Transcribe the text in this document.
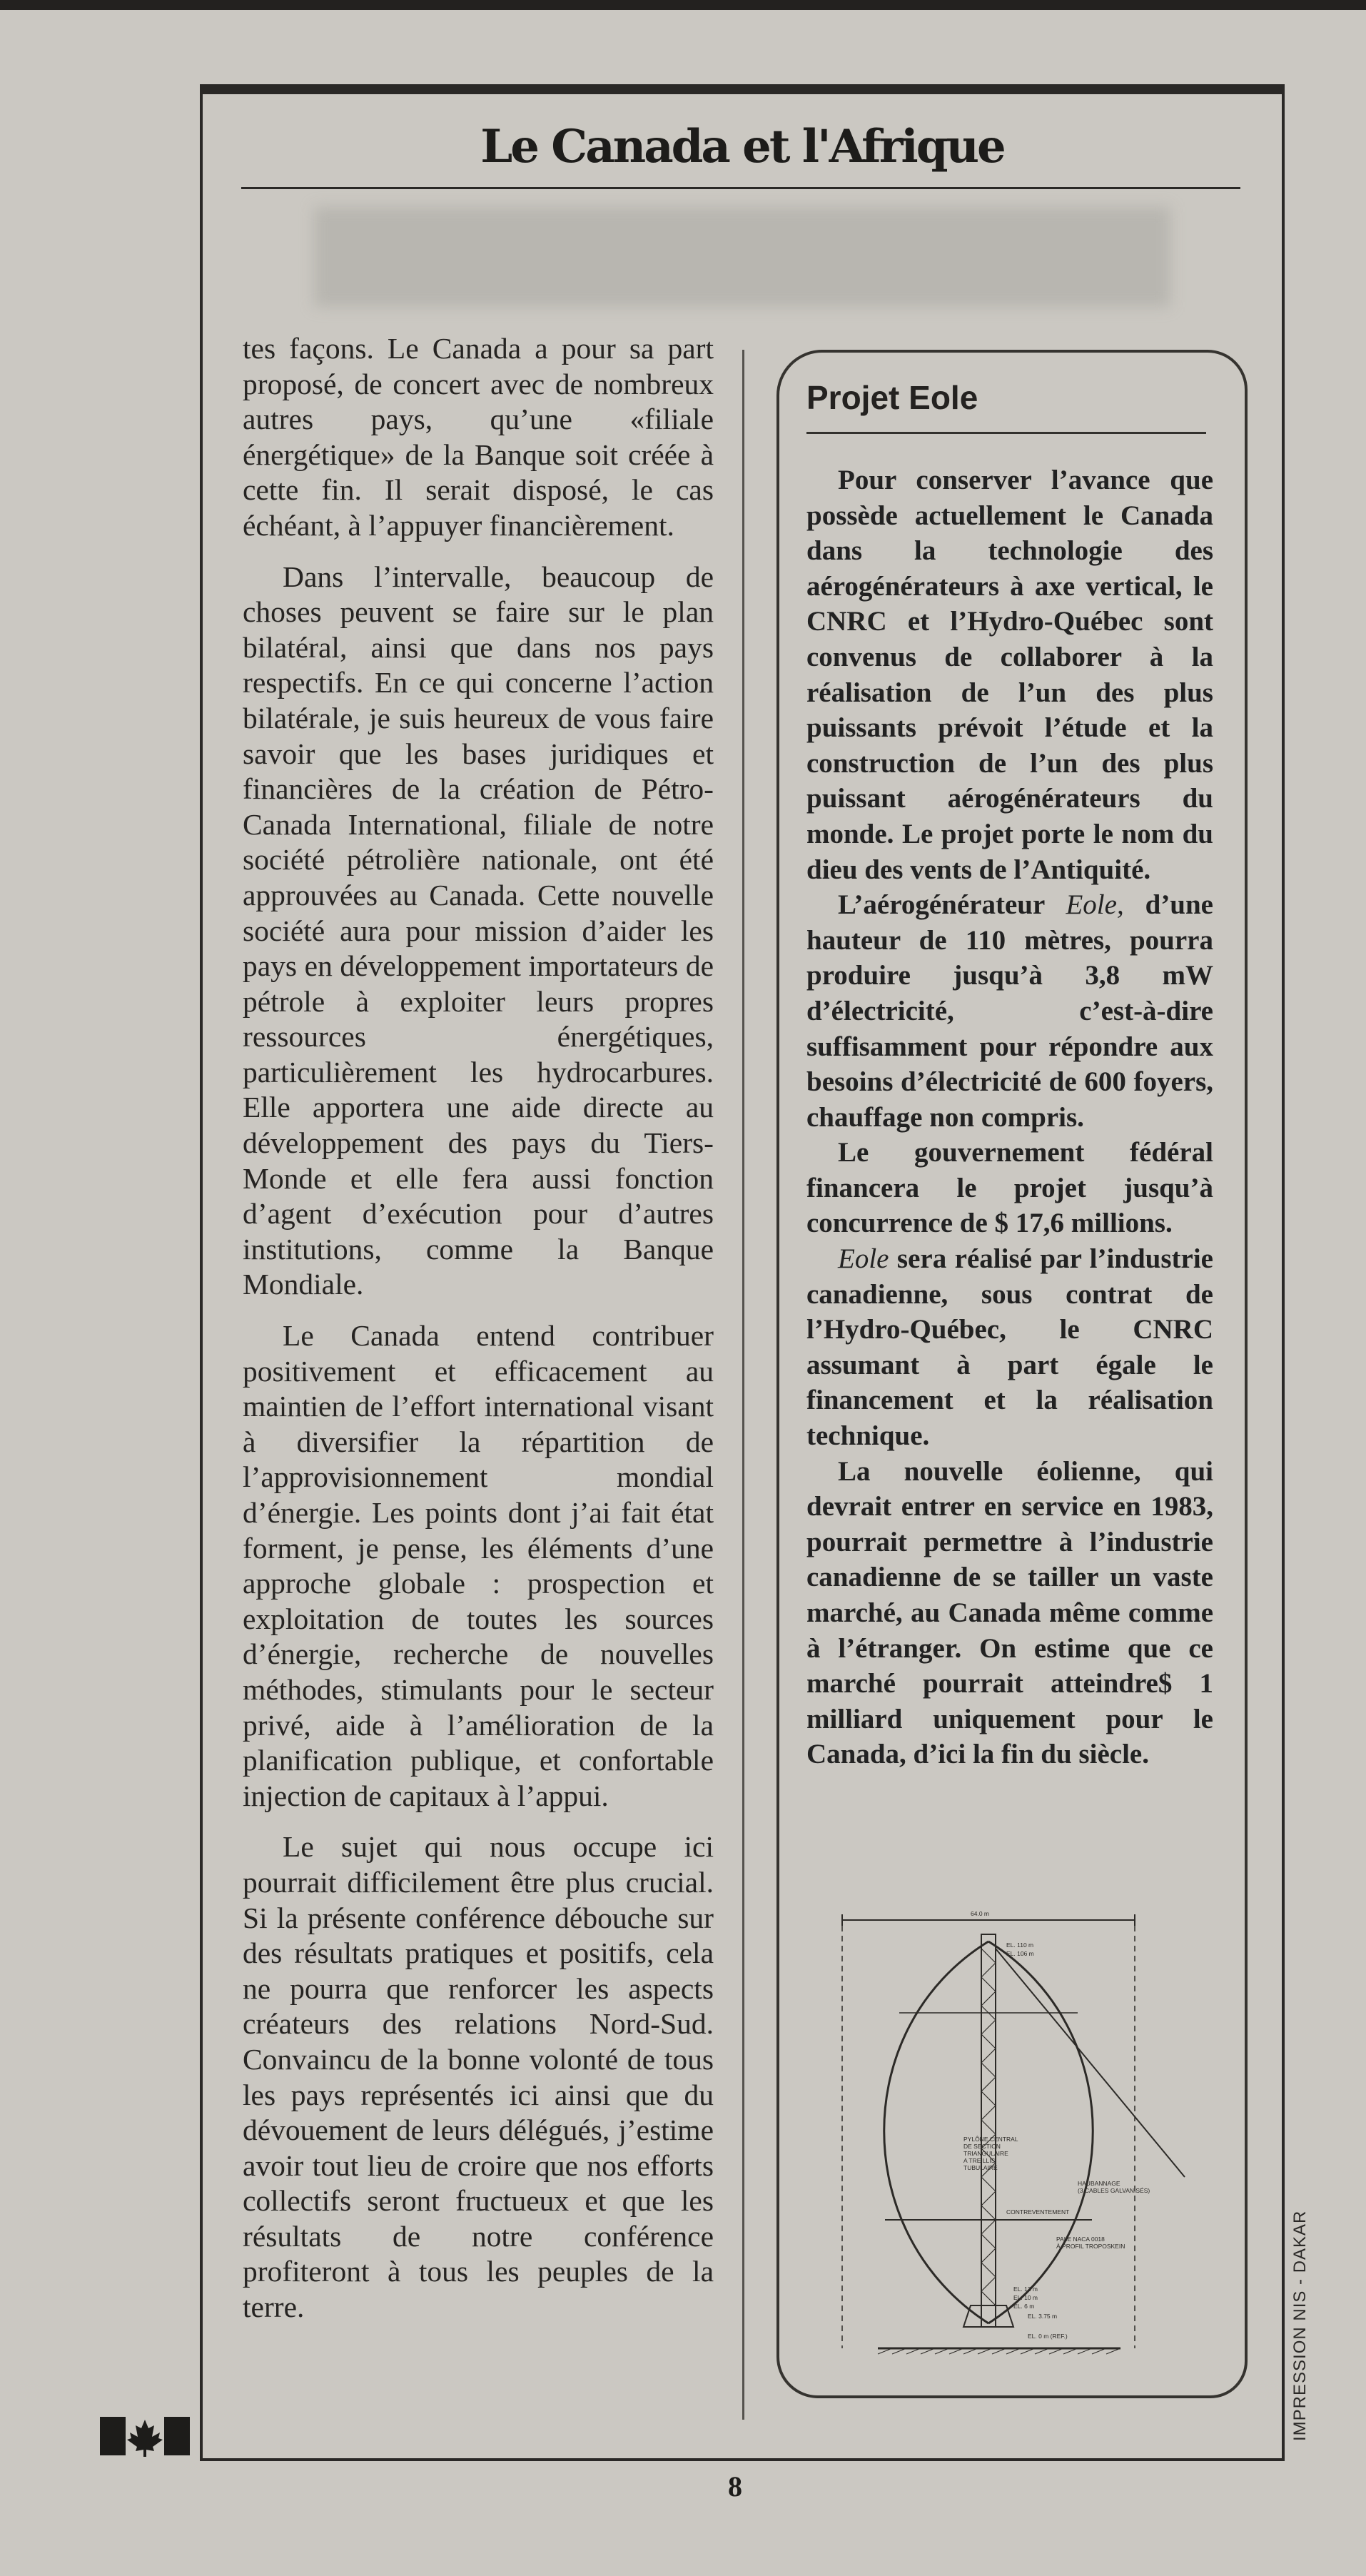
Le Canada et l'Afrique

tes façons. Le Canada a pour sa part proposé, de concert avec de nombreux autres pays, qu’une «filiale énergétique» de la Banque soit créée à cette fin. Il serait disposé, le cas échéant, à l’appuyer financièrement.

Dans l’intervalle, beaucoup de choses peuvent se faire sur le plan bilatéral, ainsi que dans nos pays respectifs. En ce qui concerne l’action bilatérale, je suis heureux de vous faire savoir que les bases juridiques et financières de la création de Pétro-Canada International, filiale de notre société pétrolière nationale, ont été approuvées au Canada. Cette nouvelle société aura pour mission d’aider les pays en développement importateurs de pétrole à exploiter leurs propres ressources énergétiques, particulièrement les hydrocarbures. Elle apportera une aide directe au développement des pays du Tiers-Monde et elle fera aussi fonction d’agent d’exécution pour d’autres institutions, comme la Banque Mondiale.

Le Canada entend contribuer positivement et efficacement au maintien de l’effort international visant à diversifier la répartition de l’approvisionnement mondial d’énergie. Les points dont j’ai fait état forment, je pense, les éléments d’une approche globale : prospection et exploitation de toutes les sources d’énergie, recherche de nouvelles méthodes, stimulants pour le secteur privé, aide à l’amélioration de la planification publique, et confortable injection de capitaux à l’appui.

Le sujet qui nous occupe ici pourrait difficilement être plus crucial. Si la présente conférence débouche sur des résultats pratiques et positifs, cela ne pourra que renforcer les aspects créateurs des relations Nord-Sud. Convaincu de la bonne volonté de tous les pays représentés ici ainsi que du dévouement de leurs délégués, j’estime avoir tout lieu de croire que nos efforts collectifs seront fructueux et que les résultats de notre conférence profiteront à tous les peuples de la terre.

Projet Eole

Pour conserver l’avance que possède actuellement le Canada dans la technologie des aérogénérateurs à axe vertical, le CNRC et l’Hydro-Québec sont convenus de collaborer à la réalisation de l’un des plus puissants prévoit l’étude et la construction de l’un des plus puissant aérogénérateurs du monde. Le projet porte le nom du dieu des vents de l’Antiquité.

L’aérogénérateur Eole, d’une hauteur de 110 mètres, pourra produire jusqu’à 3,8 mW d’électricité, c’est-à-dire suffisamment pour répondre aux besoins d’électricité de 600 foyers, chauffage non compris.

Le gouvernement fédéral financera le projet jusqu’à concurrence de $ 17,6 millions.

Eole sera réalisé par l’industrie canadienne, sous contrat de l’Hydro-Québec, le CNRC assumant à part égale le financement et la réalisation technique.

La nouvelle éolienne, qui devrait entrer en service en 1983, pourrait permettre à l’industrie canadienne de se tailler un vaste marché, au Canada même comme à l’étranger. On estime que ce marché pourrait atteindre$ 1 milliard uniquement pour le Canada, d’ici la fin du siècle.

64.0 m
EL. 110 m
EL. 106 m
PYLÔNE CENTRAL
DE SECTION
TRIANGULAIRE
A TREILLIS
TUBULAIRE
HAUBANNAGE
(3 CABLES GALVANISÉS)
CONTREVENTEMENT
PALE NACA 0018
À PROFIL TROPOSKEIN
EL. 12 m
EL. 10 m
EL. 6 m
EL. 3.75 m
EL. 0 m (REF.)
8
IMPRESSION NIS - DAKAR
